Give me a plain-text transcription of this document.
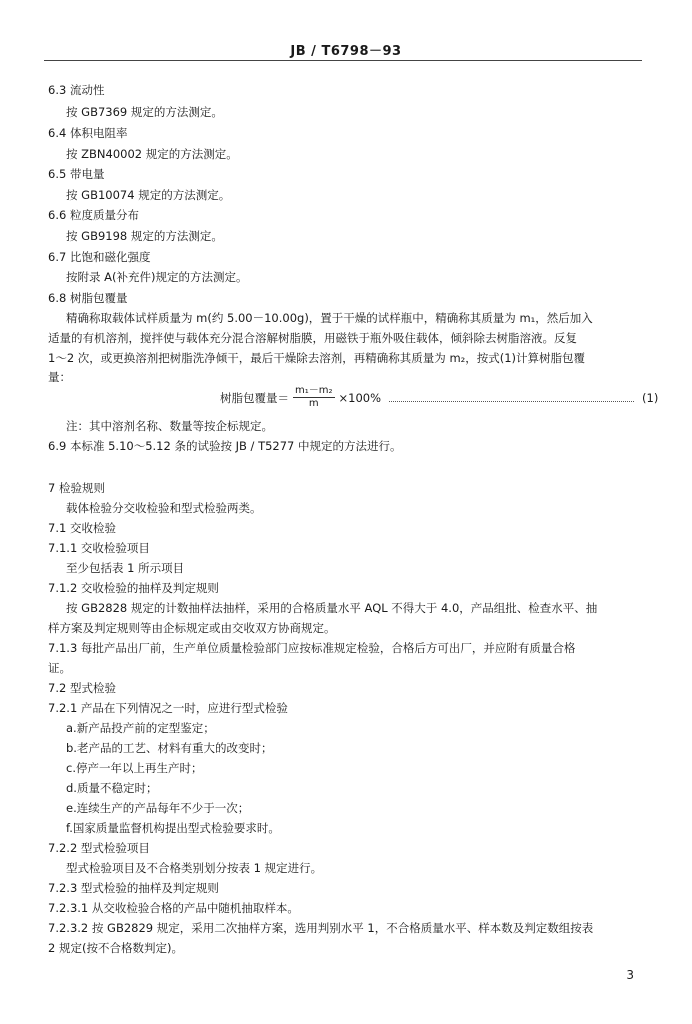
JB / T6798－93
6.3 流动性
按 GB7369 规定的方法测定。
6.4 体积电阻率
按 ZBN40002 规定的方法测定。
6.5 带电量
按 GB10074 规定的方法测定。
6.6 粒度质量分布
按 GB9198 规定的方法测定。
6.7 比饱和磁化强度
按附录 A(补充件)规定的方法测定。
6.8 树脂包覆量
精确称取载体试样质量为 m(约 5.00－10.00g)，置于干燥的试样瓶中，精确称其质量为 m₁，然后加入
适量的有机溶剂，搅拌使与载体充分混合溶解树脂膜，用磁铁于瓶外吸住载体，倾斜除去树脂溶液。反复
1～2 次，或更换溶剂把树脂洗净倾干，最后干燥除去溶剂，再精确称其质量为 m₂，按式(1)计算树脂包覆
量：
树脂包覆量＝ $\frac{\text{m₁－m₂}}{m} \times 100\%$	(1)
注：其中溶剂名称、数量等按企标规定。
6.9 本标准 5.10～5.12 条的试验按 JB / T5277 中规定的方法进行。
7 检验规则
载体检验分交收检验和型式检验两类。
7.1 交收检验
7.1.1 交收检验项目
至少包括表 1 所示项目
7.1.2 交收检验的抽样及判定规则
按 GB2828 规定的计数抽样法抽样，采用的合格质量水平 AQL 不得大于 4.0，产品组批、检查水平、抽
样方案及判定规则等由企标规定或由交收双方协商规定。
7.1.3 每批产品出厂前，生产单位质量检验部门应按标准规定检验，合格后方可出厂，并应附有质量合格
证。
7.2 型式检验
7.2.1 产品在下列情况之一时，应进行型式检验
a.新产品投产前的定型鉴定；
b.老产品的工艺、材料有重大的改变时；
c.停产一年以上再生产时；
d.质量不稳定时；
e.连续生产的产品每年不少于一次；
f.国家质量监督机构提出型式检验要求时。
7.2.2 型式检验项目
型式检验项目及不合格类别划分按表 1 规定进行。
7.2.3 型式检验的抽样及判定规则
7.2.3.1 从交收检验合格的产品中随机抽取样本。
7.2.3.2 按 GB2829 规定，采用二次抽样方案，选用判别水平 1，不合格质量水平、样本数及判定数组按表
2 规定(按不合格数判定)。
3
